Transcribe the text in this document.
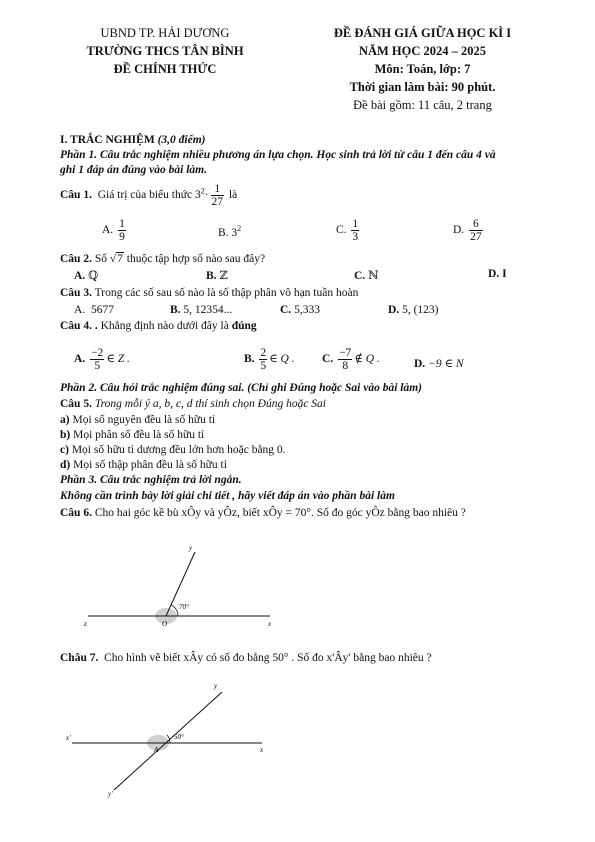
UBND TP. HẢI DƯƠNG
TRƯỜNG THCS TÂN BÌNH
ĐỀ CHÍNH THỨC
ĐỀ ĐÁNH GIÁ GIỮA HỌC KÌ I
NĂM HỌC 2024 – 2025
Môn: Toán, lớp: 7
Thời gian làm bài: 90 phút.
Đề bài gồm: 11 câu, 2 trang
I. TRẮC NGHIỆM (3,0 điểm)
Phần 1. Câu trắc nghiệm nhiều phương án lựa chọn. Học sinh trả lời từ câu 1 đến câu 4 và
ghi 1 đáp án đúng vào bài làm.
Câu 1. Giá trị của biểu thức $3^2\cdot \frac{1}{27}$ là
A. $\frac{1}{9}$	B. $3^2$	C. $\frac{1}{3}$	D. $\frac{6}{27}$
Câu 2. Số √7 thuộc tập hợp số nào sau đây?
A. ℚ	B. ℤ	C. ℕ	D. I
Câu 3. Trong các số sau số nào là số thập phân vô hạn tuần hoàn
A. 5677	B. 5, 12354...	C. 5,333	D. 5, (123)
Câu 4. . Khẳng định nào dưới đây là đúng
A. $\frac{-2}{5}$ ∈ Z .	B. $\frac{2}{5}$ ∈ Q . C. $\frac{-7}{8}$ ∉ Q .	D. −9 ∈ N
Phần 2. Câu hỏi trắc nghiệm đúng sai. (Chỉ ghi Đúng hoặc Sai vào bài làm)
Câu 5. Trong mỗi ý a, b, c, d thí sinh chọn Đúng hoặc Sai
a) Mọi số nguyên đều là số hữu tỉ
b) Mọi phân số đều là số hữu tỉ
c) Mọi số hữu tỉ dương đều lớn hơn hoặc bằng 0.
d) Mọi số thập phân đều là số hữu tỉ
Phần 3. Câu trắc nghiệm trả lời ngắn.
Không cần trình bày lời giải chi tiết , hãy viết đáp án vào phần bài làm
Câu 6. Cho hai góc kề bù xÔy và yÔz, biết xÔy = 70°. Số đo góc yÔz bằng bao nhiêu ?
y
70°
z	O	x
Châu 7. Cho hình vẽ biết xÂy có số đo bằng 50° . Số đo x'Ây' bằng bao nhiêu ?
y
x'	50°
A	x
y'
